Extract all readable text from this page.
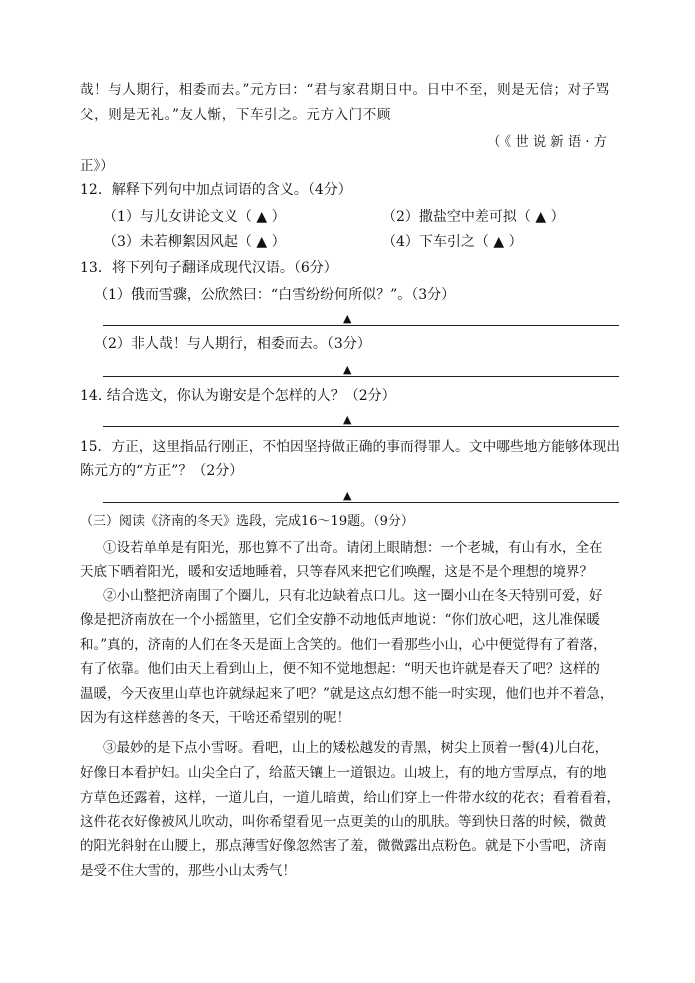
哉！与人期行，相委而去。”元方曰：“君与家君期日中。日中不至，则是无信；对子骂
父，则是无礼。”友人惭，下车引之。元方入门不顾
（《世说新语·方
正》）
12．解释下列句中加点词语的含义。（4分）
（1）与儿女讲论文义（ ▲ ）	（2）撒盐空中差可拟（ ▲ ）
（3）未若柳絮因风起（ ▲ ）	（4）下车引之（ ▲ ）
13．将下列句子翻译成现代汉语。（6分）
（1）俄而雪骤，公欣然曰：“白雪纷纷何所似？”。（3分）
▲
（2）非人哉！与人期行，相委而去。（3分）
▲
14. 结合选文，你认为谢安是个怎样的人？（2分）
▲
15．方正，这里指品行刚正，不怕因坚持做正确的事而得罪人。文中哪些地方能够体现出
陈元方的“方正”？（2分）
▲
（三）阅读《济南的冬天》选段，完成16～19题。（9分）
①设若单单是有阳光，那也算不了出奇。请闭上眼睛想：一个老城，有山有水，全在
天底下晒着阳光，暖和安适地睡着，只等春风来把它们唤醒，这是不是个理想的境界？
②小山整把济南围了个圈儿，只有北边缺着点口儿。这一圈小山在冬天特别可爱，好
像是把济南放在一个小摇篮里，它们全安静不动地低声地说：“你们放心吧，这儿准保暖
和。”真的，济南的人们在冬天是面上含笑的。他们一看那些小山，心中便觉得有了着落，
有了依靠。他们由天上看到山上，便不知不觉地想起：“明天也许就是春天了吧？这样的
温暖，今天夜里山草也许就绿起来了吧？”就是这点幻想不能一时实现，他们也并不着急，
因为有这样慈善的冬天，干啥还希望别的呢！
③最妙的是下点小雪呀。看吧，山上的矮松越发的青黑，树尖上顶着一髻(4)儿白花，
好像日本看护妇。山尖全白了，给蓝天镶上一道银边。山坡上，有的地方雪厚点，有的地
方草色还露着，这样，一道儿白，一道儿暗黄，给山们穿上一件带水纹的花衣；看着看着，
这件花衣好像被风儿吹动，叫你希望看见一点更美的山的肌肤。等到快日落的时候，微黄
的阳光斜射在山腰上，那点薄雪好像忽然害了羞，微微露出点粉色。就是下小雪吧，济南
是受不住大雪的，那些小山太秀气！
